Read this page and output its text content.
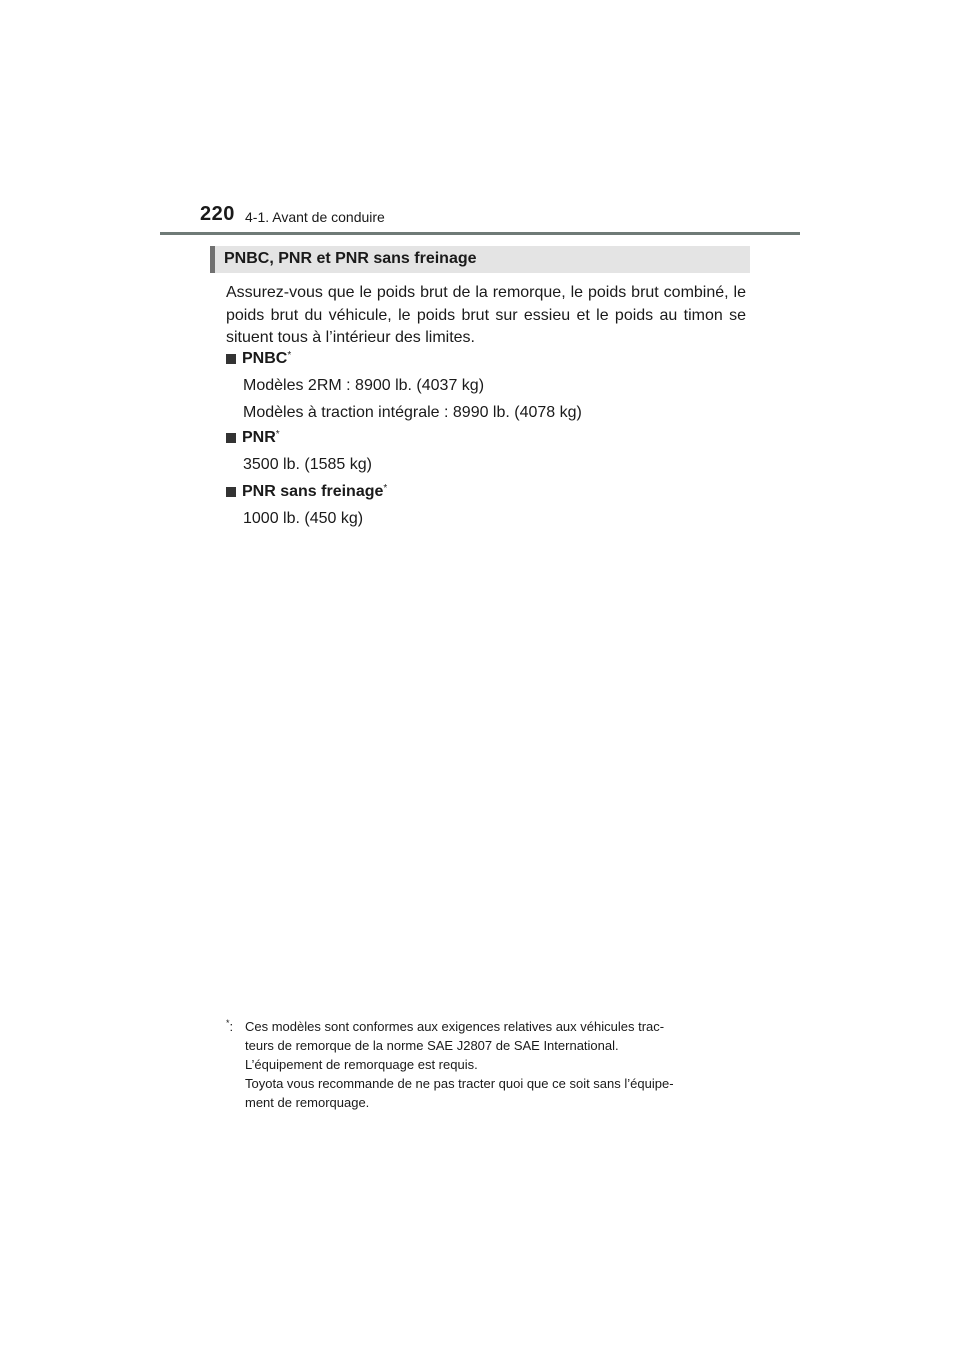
220 4-1. Avant de conduire
PNBC, PNR et PNR sans freinage

Assurez-vous que le poids brut de la remorque, le poids brut combiné, le poids brut du véhicule, le poids brut sur essieu et le poids au timon se situent tous à l’intérieur des limites.

PNBC*
Modèles 2RM : 8900 lb. (4037 kg)
Modèles à traction intégrale : 8990 lb. (4078 kg)
PNR*
3500 lb. (1585 kg)
PNR sans freinage*
1000 lb. (450 kg)
*: Ces modèles sont conformes aux exigences relatives aux véhicules trac-
teurs de remorque de la norme SAE J2807 de SAE International.
L’équipement de remorquage est requis.
Toyota vous recommande de ne pas tracter quoi que ce soit sans l’équipe-
ment de remorquage.
